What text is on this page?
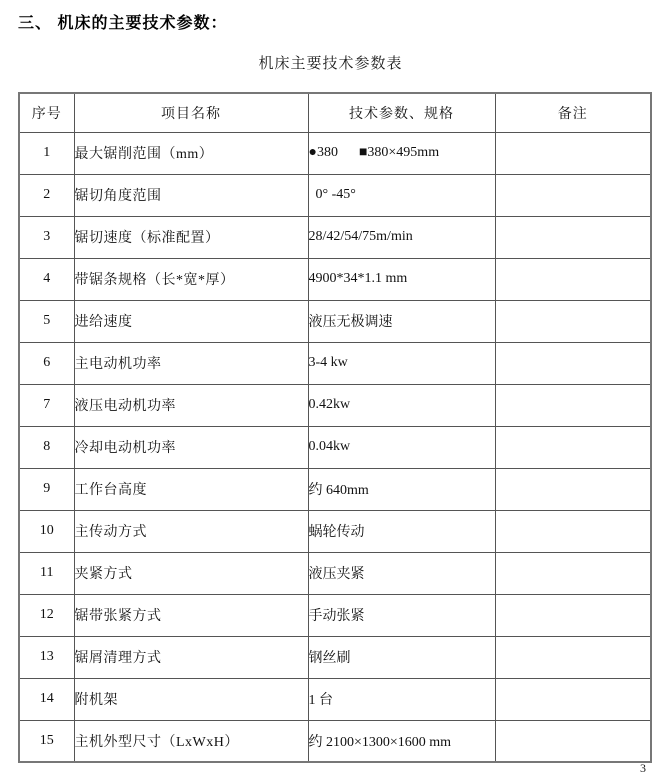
三、 机床的主要技术参数：
机床主要技术参数表
序号	项目名称	技术参数、规格	备注
1	最大锯削范围（mm）	●380      ■380×495mm	
2	锯切角度范围	0° -45°	
3	锯切速度（标准配置）	28/42/54/75m/min	
4	带锯条规格（长*宽*厚）	4900*34*1.1 mm	
5	进给速度	液压无极调速	
6	主电动机功率	3-4 kw	
7	液压电动机功率	0.42kw	
8	冷却电动机功率	0.04kw	
9	工作台高度	约 640mm	
10	主传动方式	蜗轮传动	
11	夹紧方式	液压夹紧	
12	锯带张紧方式	手动张紧	
13	锯屑清理方式	钢丝刷	
14	附机架	1 台	
15	主机外型尺寸（LxWxH）	约 2100×1300×1600 mm	
3
